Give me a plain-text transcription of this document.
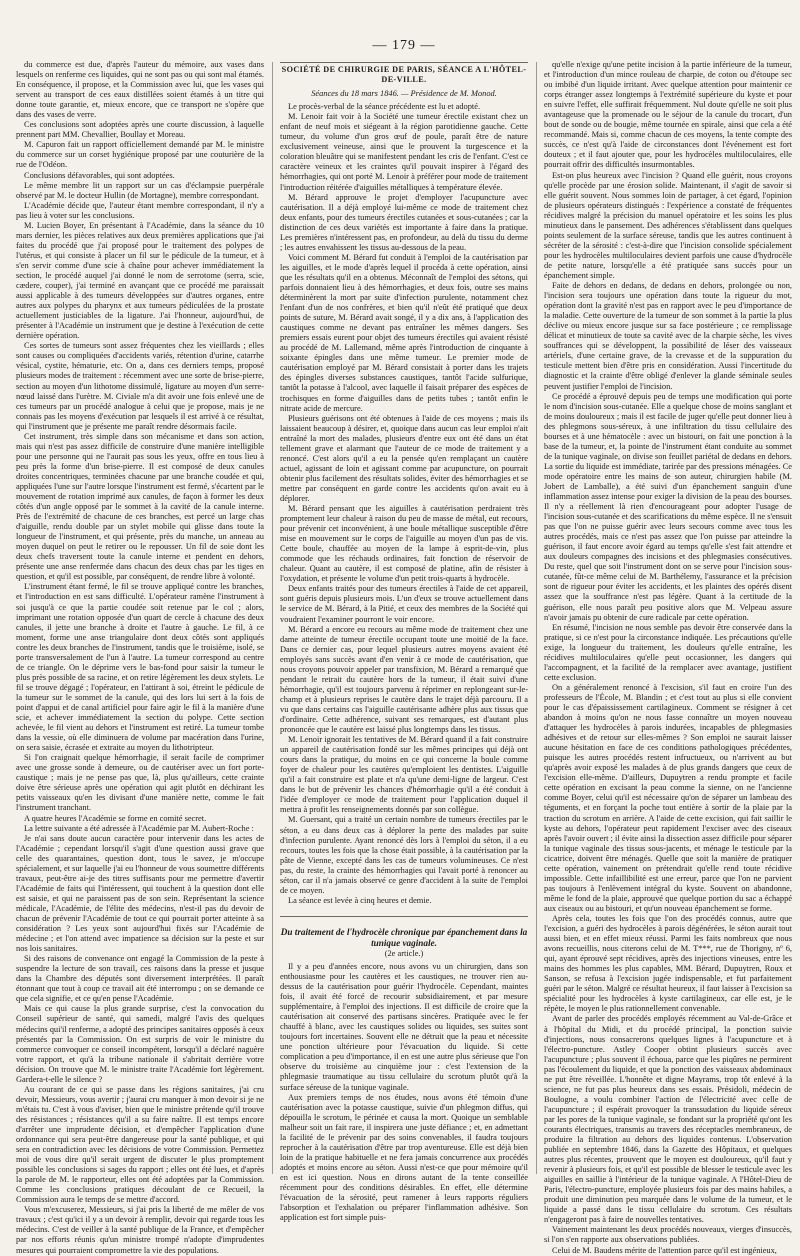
— 179 —

du commerce est due, d'après l'auteur du mémoire, aux vases dans lesquels on renferme ces liquides, qui ne sont pas ou qui sont mal étamés. En conséquence, il propose, et la Commission avec lui, que les vases qui servent au transport de ces eaux distillées soient étamés à un titre qui donne toute garantie, et, mieux encore, que ce transport ne s'opère que dans des vases de verre.

Ces conclusions sont adoptées après une courte discussion, à laquelle prennent part MM. Chevallier, Boullay et Moreau.

M. Capuron fait un rapport officiellement demandé par M. le ministre du commerce sur un corset hygiénique proposé par une couturière de la rue de l'Odéon.

Conclusions défavorables, qui sont adoptées.

Le même membre lit un rapport sur un cas d'éclampsie puerpérale observé par M. le docteur Hullin (de Mortagne), membre correspondant.

L'Académie décide que, l'auteur étant membre correspondant, il n'y a pas lieu à voter sur les conclusions.

M. Lucien Boyer, En présentant à l'Académie, dans la séance du 10 mars dernier, les pièces relatives aux deux premières applications que j'ai faites du procédé que j'ai proposé pour le traitement des polypes de l'utérus, et qui consiste à placer un fil sur le pédicule de la tumeur, et à s'en servir comme d'une scie à chaîne pour achever immédiatement la section, le procédé auquel j'ai donné le nom de serrotome (serra, scie, cædere, couper), j'ai terminé en avançant que ce procédé me paraissait aussi applicable à des tumeurs développées sur d'autres organes, entre autres aux polypes du pharynx et aux tumeurs pédiculées de la prostate actuellement justiciables de la ligature. J'ai l'honneur, aujourd'hui, de présenter à l'Académie un instrument que je destine à l'exécution de cette dernière opération.

Ces sortes de tumeurs sont assez fréquentes chez les vieillards ; elles sont causes ou compliquées d'accidents variés, rétention d'urine, catarrhe vésical, cystite, hématurie, etc. On a, dans ces derniers temps, proposé plusieurs modes de traitement : récemment avec une sorte de brise-pierre, section au moyen d'un lithotome dissimulé, ligature au moyen d'un serre-nœud laissé dans l'urètre. M. Civiale m'a dit avoir une fois enlevé une de ces tumeurs par un procédé analogue à celui que je propose, mais je ne connais pas les moyens d'exécution par lesquels il est arrivé à ce résultat, qui l'instrument que je présente me paraît rendre désormais facile.

Cet instrument, très simple dans son mécanisme et dans son action, mais qui n'est pas assez difficile de construire d'une manière intelligible pour une personne qui ne l'aurait pas sous les yeux, offre en tous lieu à peu près la forme d'un brise-pierre. Il est composé de deux canules droites concentriques, terminées chacune par une branche coudée et qui, appliquées l'une sur l'autre lorsque l'instrument est fermé, s'écartent par le mouvement de rotation imprimé aux canules, de façon à former les deux côtés d'un angle opposé par le sommet à la cavité de la canule interne. Près de l'extrémité de chacune de ces branches, est percé un large chas d'aiguille, rendu double par un stylet mobile qui glisse dans toute la longueur de l'instrument, et qui présente, près du manche, un anneau au moyen duquel on peut le retirer ou le repousser. Un fil de soie dont les deux chefs traversent toute la canule interne et pendent en dehors, présente une anse renfermée dans chacun des deux chas par les tiges en question, et qu'il est possible, par conséquent, de rendre libre à volonté.

L'instrument étant fermé, le fil se trouve appliqué contre les branches, et l'introduction en est sans difficulté. L'opérateur ramène l'instrument à soi jusqu'à ce que la partie coudée soit retenue par le col ; alors, imprimant une rotation opposée d'un quart de cercle à chacune des deux canules, il jette une branche à droite et l'autre à gauche. Le fil, à ce moment, forme une anse triangulaire dont deux côtés sont appliqués contre les deux branches de l'instrument, tandis que le troisième, isolé, se porte transversalement de l'un à l'autre. La tumeur correspond au centre de ce triangle. On le déprime vers le bas-fond pour saisir la tumeur le plus près possible de sa racine, et on retire légèrement les deux stylets. Le fil se trouve dégagé ; l'opérateur, en l'attirant à soi, étreint le pédicule de la tumeur sur le sommet de la canule, qui des lors lui sert à la fois de point d'appui et de canal artificiel pour faire agir le fil à la manière d'une scie, et achever immédiatement la section du polype. Cette section achevée, le fil vient au dehors et l'instrument est retiré. La tumeur tombe dans la vessie, où elle diminuera de volume par macération dans l'urine, on sera saisie, écrasée et extraite au moyen du lithotripteur.

Si l'on craignait quelque hémorrhagie, il serait facile de comprimer avec une grosse sonde à demeure, ou de cautériser avec un fort porte-caustique ; mais je ne pense pas que, là, plus qu'ailleurs, cette crainte doive être sérieuse après une opération qui agit plutôt en déchirant les petits vaisseaux qu'en les divisant d'une manière nette, comme le fait l'instrument tranchant.

A quatre heures l'Académie se forme en comité secret.

La lettre suivante a été adressée à l'Académie par M. Aubert-Roche :

Je n'ai sans doute aucun caractère pour intervenir dans les actes de l'Académie ; cependant lorsqu'il s'agit d'une question aussi grave que celle des quarantaines, question dont, tous le savez, je m'occupe spécialement, et sur laquelle j'ai eu l'honneur de vous soumettre différents travaux, peut-être ai-je des titres suffisants pour me permettre d'avertir l'Académie de faits qui l'intéressent, qui touchent à la question dont elle est saisie, et qui ne paraissent pas de son sein. Représentant la science médicale, l'Académie, de l'élite des médecins, n'est-il pas du devoir de chacun de prévenir l'Académie de tout ce qui pourrait porter atteinte à sa considération ? Les yeux sont aujourd'hui fixés sur l'Académie de médecine ; et l'on attend avec impatience sa décision sur la peste et sur nos lois sanitaires.

Si des raisons de convenance ont engagé la Commission de la peste à suspendre la lecture de son travail, ces raisons dans la presse et jusque dans la Chambre des députés sont diversement interprétées. Il paraît étonnant que tout à coup ce travail ait été interrompu ; on se demande ce que cela signifie, et ce qu'en pense l'Académie.

Mais ce qui cause la plus grande surprise, c'est la convocation du Conseil supérieur de santé, qui samedi, malgré l'avis des quelques médecins qui'il renferme, a adopté des principes sanitaires opposés à ceux présentés par la Commission. On est surpris de voir le ministre du commerce convoquer ce conseil incompétent, lorsqu'il a déclaré naguère votre rapport, et qu'à la tribune nationale il s'abritait derrière votre décision. On trouve que M. le ministre traite l'Académie fort légèrement. Gardera-t-elle le silence ?

Au courant de ce qui se passe dans les régions sanitaires, j'ai cru devoir, Messieurs, vous avertir ; j'aurai cru manquer à mon devoir si je ne m'étais tu. C'est à vous d'aviser, bien que le ministre prétende qu'il trouve des résistances ; résistances qu'il a su faire naître. Il est temps encore d'arrêter une imprudente décision, et d'empêcher l'application d'une ordonnance qui sera peut-être dangereuse pour la santé publique, et qui sera en contradiction avec les décisions de votre Commission. Permettez moi de vous dire qu'il serait urgent de discuter le plus promptement possible les conclusions si sages du rapport ; elles ont été lues, et d'après la parole de M. le rapporteur, elles ont été adoptées par la Commission. Comme les conclusions pratiques découlant de ce Recueil, la Commission aura le temps de se mettre d'accord.

Vous m'excuserez, Messieurs, si j'ai pris la liberté de me mêler de vos travaux ; c'est qu'ici il y a un devoir à remplir, devoir qui regarde tous les médecins. C'est de veiller à la santé publique de la France, et d'empêcher par nos efforts réunis qu'un ministre trompé n'adopte d'imprudentes mesures qui pourraient compromettre la vie des populations.

SOCIÉTÉ DE CHIRURGIE DE PARIS, SÉANCE A L'HÔTEL-DE-VILLE.

Séances du 18 mars 1846. — Présidence de M. Monod.

Le procès-verbal de la séance précédente est lu et adopté.

M. Lenoir fait voir à la Société une tumeur érectile existant chez un enfant de neuf mois et siégeant à la région parotidienne gauche. Cette tumeur, du volume d'un gros œuf de poule, paraît être de nature exclusivement veineuse, ainsi que le prouvent la turgescence et la coloration bleuâtre qui se manifestent pendant les cris de l'enfant. C'est ce caractère veineux et les craintes qu'il pouvait inspirer à l'égard des hémorrhagies, qui ont porté M. Lenoir à préférer pour mode de traitement l'introduction réitérée d'aiguilles métalliques à température élevée.

M. Bérard approuve le projet d'employer l'acupuncture avec cautérisation. Il a déjà employé lui-même ce mode de traitement chez deux enfants, pour des tumeurs érectiles cutanées et sous-cutanées ; car la distinction de ces deux variétés est importante à faire dans la pratique. Les premières n'intéressent pas, en profondeur, au delà du tissu du derme ; les autres envahissent les tissus au-dessous de la peau.

Voici comment M. Bérard fut conduit à l'emploi de la cautérisation par les aiguilles, et le mode d'après lequel il procéda à cette opération, ainsi que les résultats qu'il en a obtenus. Méconnaît de l'emploi des sétons, qui parfois donnaient lieu à des hémorrhagies, et deux fois, outre ses mains déterminèrent la mort par suite d'infection purulente, notamment chez l'enfant d'un de nos confrères, et bien qu'il n'eût été pratiqué que deux points de suture, M. Bérard avait songé, il y a dix ans, à l'application des caustiques comme ne devant pas entraîner les mêmes dangers. Ses premiers essais eurent pour objet des tumeurs érectiles qui avaient résisté au procédé de M. Lallemand, même après l'introduction de cinquante à soixante épingles dans une même tumeur. Le premier mode de cautérisation employé par M. Bérard consistait à porter dans les trajets des épingles diverses substances caustiques, tantôt l'acide sulfurique, tantôt la potasse à l'alcool, avec laquelle il faisait préparer des espèces de trochisques en forme d'aiguilles dans de petits tubes ; tantôt enfin le nitrate acide de mercure.

Plusieurs guérisons ont été obtenues à l'aide de ces moyens ; mais ils laissaient beaucoup à désirer, et, quoique dans aucun cas leur emploi n'ait entraîné la mort des malades, plusieurs d'entre eux ont été dans un état tellement grave et alarmant que l'auteur de ce mode de traitement y a renoncé. C'est alors qu'il a eu la pensée qu'en remplaçant un cautère actuel, agissant de loin et agissant comme par acupuncture, on pourrait obtenir plus facilement des résultats solides, éviter des hémorrhagies et se mettre par conséquent en garde contre les accidents qu'on avait eu à déplorer.

M. Bérard pensant que les aiguilles à cautérisation perdraient très promptement leur chaleur à raison du peu de masse de métal, eut recours, pour prévenir cet inconvénient, à une boule métallique susceptible d'être mise en mouvement sur le corps de l'aiguille au moyen d'un pas de vis. Cette boule, chauffée au moyen de la lampe à esprit-de-vin, plus commode que les réchauds ordinaires, fait fonction de réservoir de chaleur. Quant au cautère, il est composé de platine, afin de résister à l'oxydation, et présente le volume d'un petit trois-quarts à hydrocèle.

Deux enfants traités pour des tumeurs érectiles à l'aide de cet appareil, sont guéris depuis plusieurs mois. L'un d'eux se trouve actuellement dans le service de M. Bérard, à la Pitié, et ceux des membres de la Société qui voudraient l'examiner pourront le voir encore.

M. Bérard a encore eu recours au même mode de traitement chez une dame atteinte de tumeur érectile occupant toute une moitié de la face. Dans ce dernier cas, pour lequel plusieurs autres moyens avaient été employés sans succès avant d'en venir à ce mode de cautérisation, que nous croyons pouvoir appeler par transfixion, M. Bérard a remarqué que pendant le retrait du cautère hors de la tumeur, il était suivi d'une hémorrhagie, qu'il est toujours parvenu à réprimer en replongeant sur-le-champ et à plusieurs reprises le cautère dans le trajet déjà parcouru. Il a vu que dans certains cas l'aiguille cautérisante adhère plus aux tissus que d'ordinaire. Cette adhérence, suivant ses remarques, est d'autant plus prononcée que le cautère est laissé plus longtemps dans les tissus.

M. Lenoir ignorait les tentatives de M. Bérard quand il a fait construire un appareil de cautérisation fondé sur les mêmes principes qui déjà ont cours dans la pratique, du moins en ce qui concerne la boule comme foyer de chaleur pour les cautères qu'emploient les dentistes. L'aiguille qu'il a fait construire est plate et n'a qu'une demi-ligne de largeur. C'est dans le but de prévenir les chances d'hémorrhagie qu'il a été conduit à l'idée d'employer ce mode de traitement pour l'application duquel il mettra à profit les renseignements donnés par son collègue.

M. Guersant, qui a traité un certain nombre de tumeurs érectiles par le séton, a eu dans deux cas à déplorer la perte des malades par suite d'infection purulente. Ayant renoncé dès lors à l'emploi du séton, il a eu recours, toutes les fois que la chose était possible, à la cautérisation par la pâte de Vienne, excepté dans les cas de tumeurs volumineuses. Ce n'est pas, du reste, la crainte des hémorrhagies qui l'avait porté à renoncer au séton, car il n'a jamais observé ce genre d'accident à la suite de l'emploi de ce moyen.

La séance est levée à cinq heures et demie.

Du traitement de l'hydrocèle chronique par épanchement dans la tunique vaginale.

(2e article.)

Il y a peu d'années encore, nous avons vu un chirurgien, dans son enthousiasme pour les cautères et les caustiques, ne trouver rien au-dessus de la cautérisation pour guérir l'hydrocèle. Cependant, maintes fois, il avait été forcé de recourir subsidiairement, et par mesure supplémentaire, à l'emploi des injections. Il est difficile de croire que la cautérisation ait conservé des partisans sincères. Pratiquée avec le fer chauffé à blanc, avec les caustiques solides ou liquides, ses suites sont toujours fort incertaines. Souvent elle ne détruit que la peau et nécessite une ponction ultérieure pour l'évacuation du liquide. Si cette complication a peu d'importance, il en est une autre plus sérieuse que l'on observe du troisième au cinquième jour : c'est l'extension de la phlegmasie traumatique au tissu cellulaire du scrotum plutôt qu'à la surface séreuse de la tunique vaginale.

Aux premiers temps de nos études, nous avons été témoin d'une cautérisation avec la potasse caustique, suivie d'un phlegmon diffus, qui dépouilla le scrotum, le périnée et causa la mort. Quoique un semblable malheur soit un fait rare, il inspirera une juste défiance ; et, en admettant la facilité de le prévenir par des soins convenables, il faudra toujours reprocher à la cautérisation d'être par trop aventureuse. Elle est déjà bien loin de la pratique habituelle et ne fera jamais concurrence aux procédés adoptés et moins encore au séton. Aussi n'est-ce que pour mémoire qu'il en est ici question. Nous en dirons autant de la tente conseillée récemment pour des conditions désirables. En effet, elle détermine l'évacuation de la sérosité, peut ramener à leurs rapports réguliers l'absorption et l'exhalation ou préparer l'inflammation adhésive. Son application est fort simple puis-

qu'elle n'exige qu'une petite incision à la partie inférieure de la tumeur, et l'introduction d'un mince rouleau de charpie, de coton ou d'étoupe sec ou imbibé d'un liquide irritant. Avec quelque attention pour maintenir ce corps étranger assez longtemps à l'extrémité supérieure du kyste et pour en suivre l'effet, elle suffirait fréquemment. Nul doute qu'elle ne soit plus avantageuse que la promenade ou le séjour de la canule du trocart, d'un bout de sonde ou de bougie, même tournée en spirale, ainsi que cela a été recommandé. Mais si, comme chacun de ces moyens, la tente compte des succès, ce n'est qu'à l'aide de circonstances dont l'événement est fort douteux ; et il faut ajouter que, pour les hydrocèles multiloculaires, elle pourrait offrir des difficultés insurmontables.

Est-on plus heureux avec l'incision ? Quand elle guérit, nous croyons qu'elle procède par une érosion solide. Maintenant, il s'agit de savoir si elle guérit souvent. Nous sommes loin de partager, à cet égard, l'opinion de plusieurs opérateurs distingués : l'expérience a constaté de fréquentes récidives malgré la précision du manuel opératoire et les soins les plus minutieux dans le pansement. Des adhérences s'établissent dans quelques points seulement de la surface séreuse, tandis que les autres continuent à sécréter de la sérosité : c'est-à-dire que l'incision consolide spécialement pour les hydrocèles multiloculaires devient parfois une cause d'hydrocèle de petite nature, lorsqu'elle a été pratiquée sans succès pour un épanchement simple.

Faite de dehors en dedans, de dedans en dehors, prolongée ou non, l'incision sera toujours une opération dans toute la rigueur du mot, opération dont la gravité n'est pas en rapport avec le peu d'importance de la maladie. Cette ouverture de la tumeur de son sommet à la partie la plus déclive ou mieux encore jusque sur sa face postérieure ; ce remplissage délicat et minutieux de toute sa cavité avec de la charpie sèche, les vives souffrances qui se développent, la possibilité de léser des vaisseaux artériels, d'une certaine grave, de la crevasse et de la suppuration du testicule mettent bien d'être pris en considération. Aussi l'incertitude du diagnostic et la crainte d'être obligé d'enlever la glande séminale seules peuvent justifier l'emploi de l'incision.

Ce procédé a éprouvé depuis peu de temps une modification qui porte le nom d'incision sous-cutanée. Elle a quelque chose de moins sanglant et de moins douloureux ; mais il est facile de juger qu'elle peut donner lieu à des phlegmons sous-séreux, à une infiltration du tissu cellulaire des bourses et à une hématocèle : avec un bistouri, on fait une ponction à la base de la tumeur, et, la pointe de l'instrument étant conduite au sommet de la tunique vaginale, on divise son feuillet pariétal de dedans en dehors. La sortie du liquide est immédiate, tarirée par des pressions ménagées. Ce mode opératoire entre les mains de son auteur, chirurgien habile (M. Jobert de Lamballe), a été suivi d'un épanchement sanguin d'une inflammation assez intense pour exiger la division de la peau des bourses. Il n'y a réellement là rien d'encourageant pour adopter l'usage de l'incision sous-cutanée et des scarifications du même espèce. Il ne s'ensuit pas que l'on ne puisse guérir avec leurs secours comme avec tous les autres procédés, mais ce n'est pas assez que l'on puisse par atteindre la guérison, il faut encore avoir égard au temps qu'elle s'est fait attendre et aux douleurs compagnes des incisions et des phlegmasies consécutives. Du reste, quel que soit l'instrument dont on se serve pour l'incision sous-cutanée, fût-ce même celui de M. Barthélemy, l'assurance et la précision sont de rigueur pour éviter les accidents, et les plaintes des opérés disent assez que la souffrance n'est pas légère. Quant à la certitude de la guérison, elle nous paraît peu positive alors que M. Velpeau assure n'avoir jamais pu obtenir de cure radicale par cette opération.

En résumé, l'incision ne nous semble pas devoir être conservée dans la pratique, si ce n'est pour la circonstance indiquée. Les précautions qu'elle exige, la longueur du traitement, les douleurs qu'elle entraîne, les récidives multiloculaires qu'elle peut occasionner, les dangers qui l'accompagnent, et la facilité de la remplacer avec avantage, justifient cette exclusion.

On a généralement renoncé à l'excision, s'il faut en croire l'un des professeurs de l'École, M. Blandin ; et c'est tout au plus si elle convient pour le cas d'épaississement cartilagineux. Comment se résigner à cet abandon à moins qu'on ne nous fasse connaître un moyen nouveau d'attaquer les hydrocèles à parois indurées, incapables de phlegmasies adhésives et de retour sur elles-mêmes ? Son emploi ne saurait laisser aucune hésitation en face de ces conditions pathologiques précédentes, puisque les autres procédés restent infructueux, ou n'arrivent au but qu'après avoir exposé les malades à de plus grands dangers que ceux de l'excision elle-même. D'ailleurs, Dupuytren a rendu prompte et facile cette opération en excisant la peau comme la sienne, on ne l'ancienne comme Boyer, celui qu'il est nécessaire qu'on de séparer un lambeau des téguments, et en forçant la poche tout entière à sortir de la plaie par la traction du scrotum en arrière. A l'aide de cette excision, qui fait saillir le kyste au dehors, l'opérateur peut rapidement l'exciser avec des ciseaux après l'avoir ouvert ; il évite ainsi la dissection assez difficile pour séparer la tunique vaginale des tissus sous-jacents, et ménage le testicule par la cicatrice, doivent être ménagés. Quelle que soit la manière de pratiquer cette opération, vainement on prétendrait qu'elle rend toute récidive impossible. Cette infaillibilité est une erreur, parce que l'on ne parvient pas toujours à l'enlèvement intégral du kyste. Souvent on abandonne, même le fond de la plaie, approuvé que quelque portion du sac a échappé aux ciseaux ou au bistouri, et qu'un nouveau épanchement se forme.

Après cela, toutes les fois que l'on des procédés connus, autre que l'excision, a guéri des hydrocèles à parois dégénérées, le séton aurait tout aussi bien, et en effet mieux réussi. Parmi les faits nombreux que nous avons recueillis, nous citerons celui de M. T***, rue de Thorigny, nº 6, qui, ayant éprouvé sept récidives, après des injections vineuses, entre les mains des hommes les plus capables, MM. Bérard, Dupuytren, Roux et Sanson, se refusa à l'excision jugée indispensable, et fut parfaitement guéri par le séton. Malgré ce résultat heureux, il faut laisser à l'excision sa spécialité pour les hydrocèles à kyste cartilagineux, car elle est, je le répète, le moyen le plus rationnellement convenable.

Avant de parler des procédés employés récemment au Val-de-Grâce et à l'hôpital du Midi, et du procédé principal, la ponction suivie d'injections, nous consacrerons quelques lignes à l'acupuncture et à l'électro-puncture. Astley Cooper obtint plusieurs succès avec l'acupuncture ; plus souvent il échoua, parce que les piqûres ne permirent pas l'écoulement du liquide, et que la ponction des vaisseaux abdominaux ne put être réveillée. L'honnête et digne Mayrams, trop tôt enlevé à la science, ne fut pas plus heureux dans ses essais. Présidoli, médecin de Boulogne, a voulu combiner l'action de l'électricité avec celle de l'acupuncture ; il espérait provoquer la transsudation du liquide séreux par les pores de la tunique vaginale, se fondant sur la propriété qu'ont les courants électriques, transmis au travers des réceptacles membraneux, de produire la filtration au dehors des liquides contenus. L'observation publiée en septembre 1846, dans la Gazette des Hôpitaux, et quelques autres plus récentes, prouvent que le moyen est douloureux, qu'il faut y revenir à plusieurs fois, et qu'il est possible de blesser le testicule avec les aiguilles en saillie à l'intérieur de la tunique vaginale. A l'Hôtel-Dieu de Paris, l'électro-puncture, employée plusieurs fois par des mains habiles, a produit une diminution peu marquée dans le volume de la tumeur, et le liquide a passé dans le tissu cellulaire du scrotum. Ces résultats n'engageront pas à faire de nouvelles tentatives.

Vainement maintenant les deux procédés nouveaux, vierges d'insuccès, si l'on s'en rapporte aux observations publiées.

Celui de M. Baudens mérite de l'attention parce qu'il est ingénieux,
